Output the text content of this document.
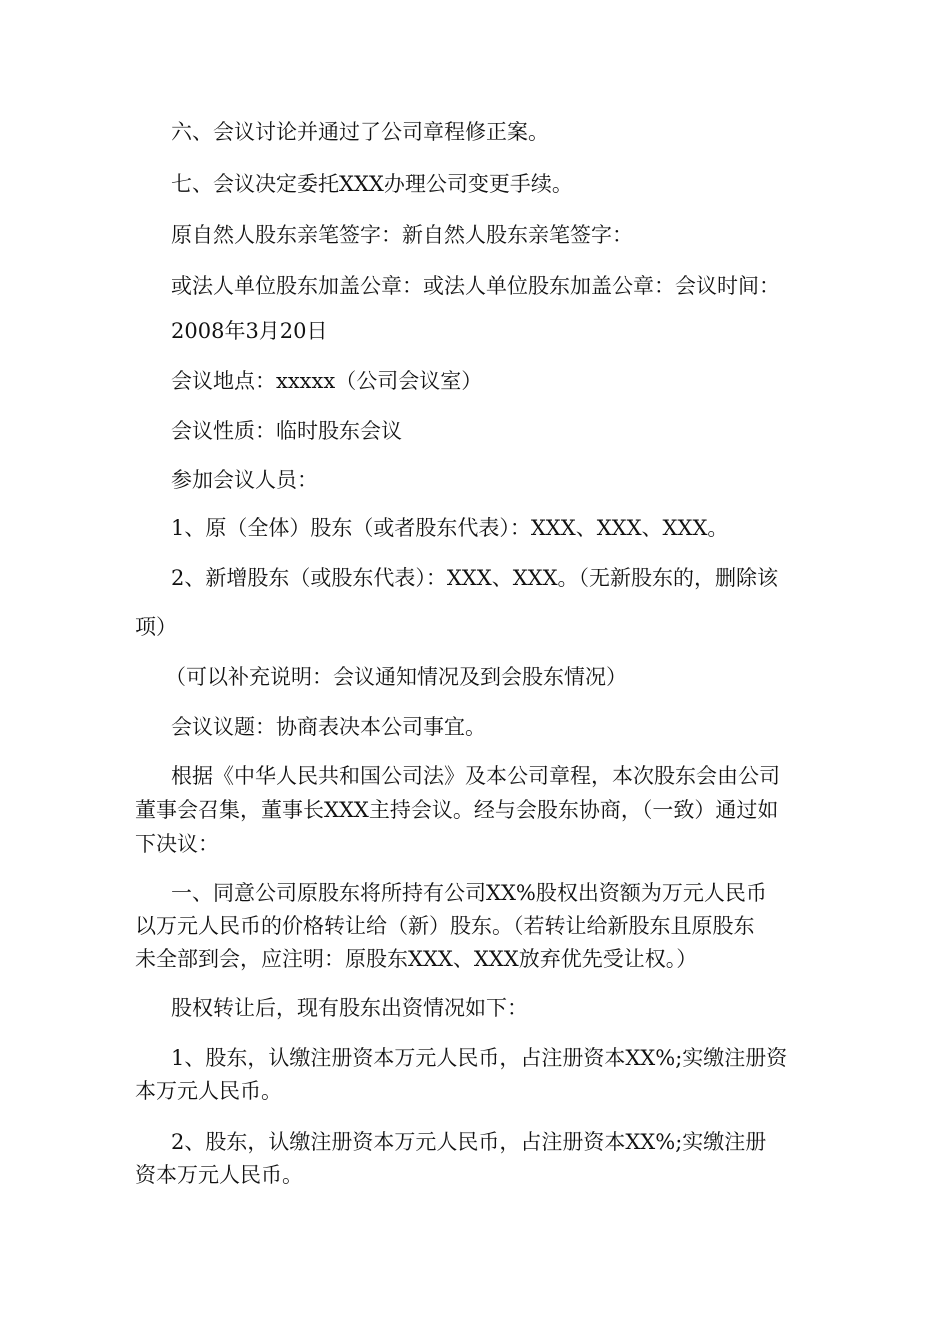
六、会议讨论并通过了公司章程修正案。
七、会议决定委托XXX办理公司变更手续。
原自然人股东亲笔签字：新自然人股东亲笔签字：
或法人单位股东加盖公章：或法人单位股东加盖公章：会议时间：
2008年3月20日
会议地点：xxxxx（公司会议室）
会议性质：临时股东会议
参加会议人员：
1、原（全体）股东（或者股东代表）：XXX、XXX、XXX。
2、新增股东（或股东代表）：XXX、XXX。（无新股东的，删除该
项）
（可以补充说明：会议通知情况及到会股东情况）
会议议题：协商表决本公司事宜。
根据《中华人民共和国公司法》及本公司章程，本次股东会由公司
董事会召集，董事长XXX主持会议。经与会股东协商，（一致）通过如
下决议：
一、同意公司原股东将所持有公司XX%股权出资额为万元人民币
以万元人民币的价格转让给（新）股东。（若转让给新股东且原股东
未全部到会，应注明：原股东XXX、XXX放弃优先受让权。）
股权转让后，现有股东出资情况如下：
1、股东，认缴注册资本万元人民币，占注册资本XX%;实缴注册资
本万元人民币。
2、股东，认缴注册资本万元人民币，占注册资本XX%;实缴注册
资本万元人民币。
